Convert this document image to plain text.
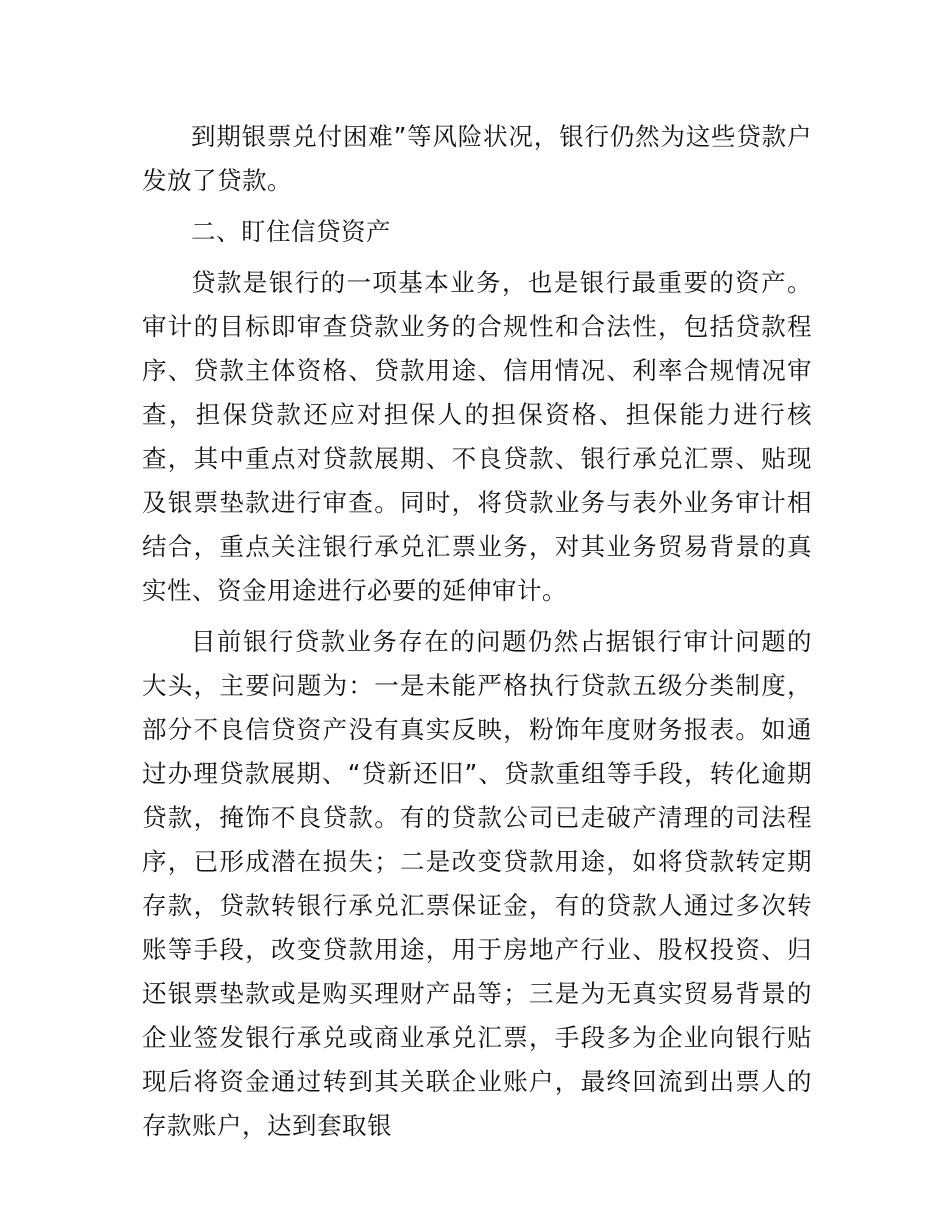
到期银票兑付困难”等风险状况，银行仍然为这些贷款户发放了贷款。

二、盯住信贷资产

贷款是银行的一项基本业务，也是银行最重要的资产。审计的目标即审查贷款业务的合规性和合法性，包括贷款程序、贷款主体资格、贷款用途、信用情况、利率合规情况审查，担保贷款还应对担保人的担保资格、担保能力进行核查，其中重点对贷款展期、不良贷款、银行承兑汇票、贴现及银票垫款进行审查。同时，将贷款业务与表外业务审计相结合，重点关注银行承兑汇票业务，对其业务贸易背景的真实性、资金用途进行必要的延伸审计。

目前银行贷款业务存在的问题仍然占据银行审计问题的大头，主要问题为：一是未能严格执行贷款五级分类制度，部分不良信贷资产没有真实反映，粉饰年度财务报表。如通过办理贷款展期、“贷新还旧”、贷款重组等手段，转化逾期贷款，掩饰不良贷款。有的贷款公司已走破产清理的司法程序，已形成潜在损失；二是改变贷款用途，如将贷款转定期存款，贷款转银行承兑汇票保证金，有的贷款人通过多次转账等手段，改变贷款用途，用于房地产行业、股权投资、归还银票垫款或是购买理财产品等；三是为无真实贸易背景的企业签发银行承兑或商业承兑汇票，手段多为企业向银行贴现后将资金通过转到其关联企业账户，最终回流到出票人的存款账户，达到套取银
